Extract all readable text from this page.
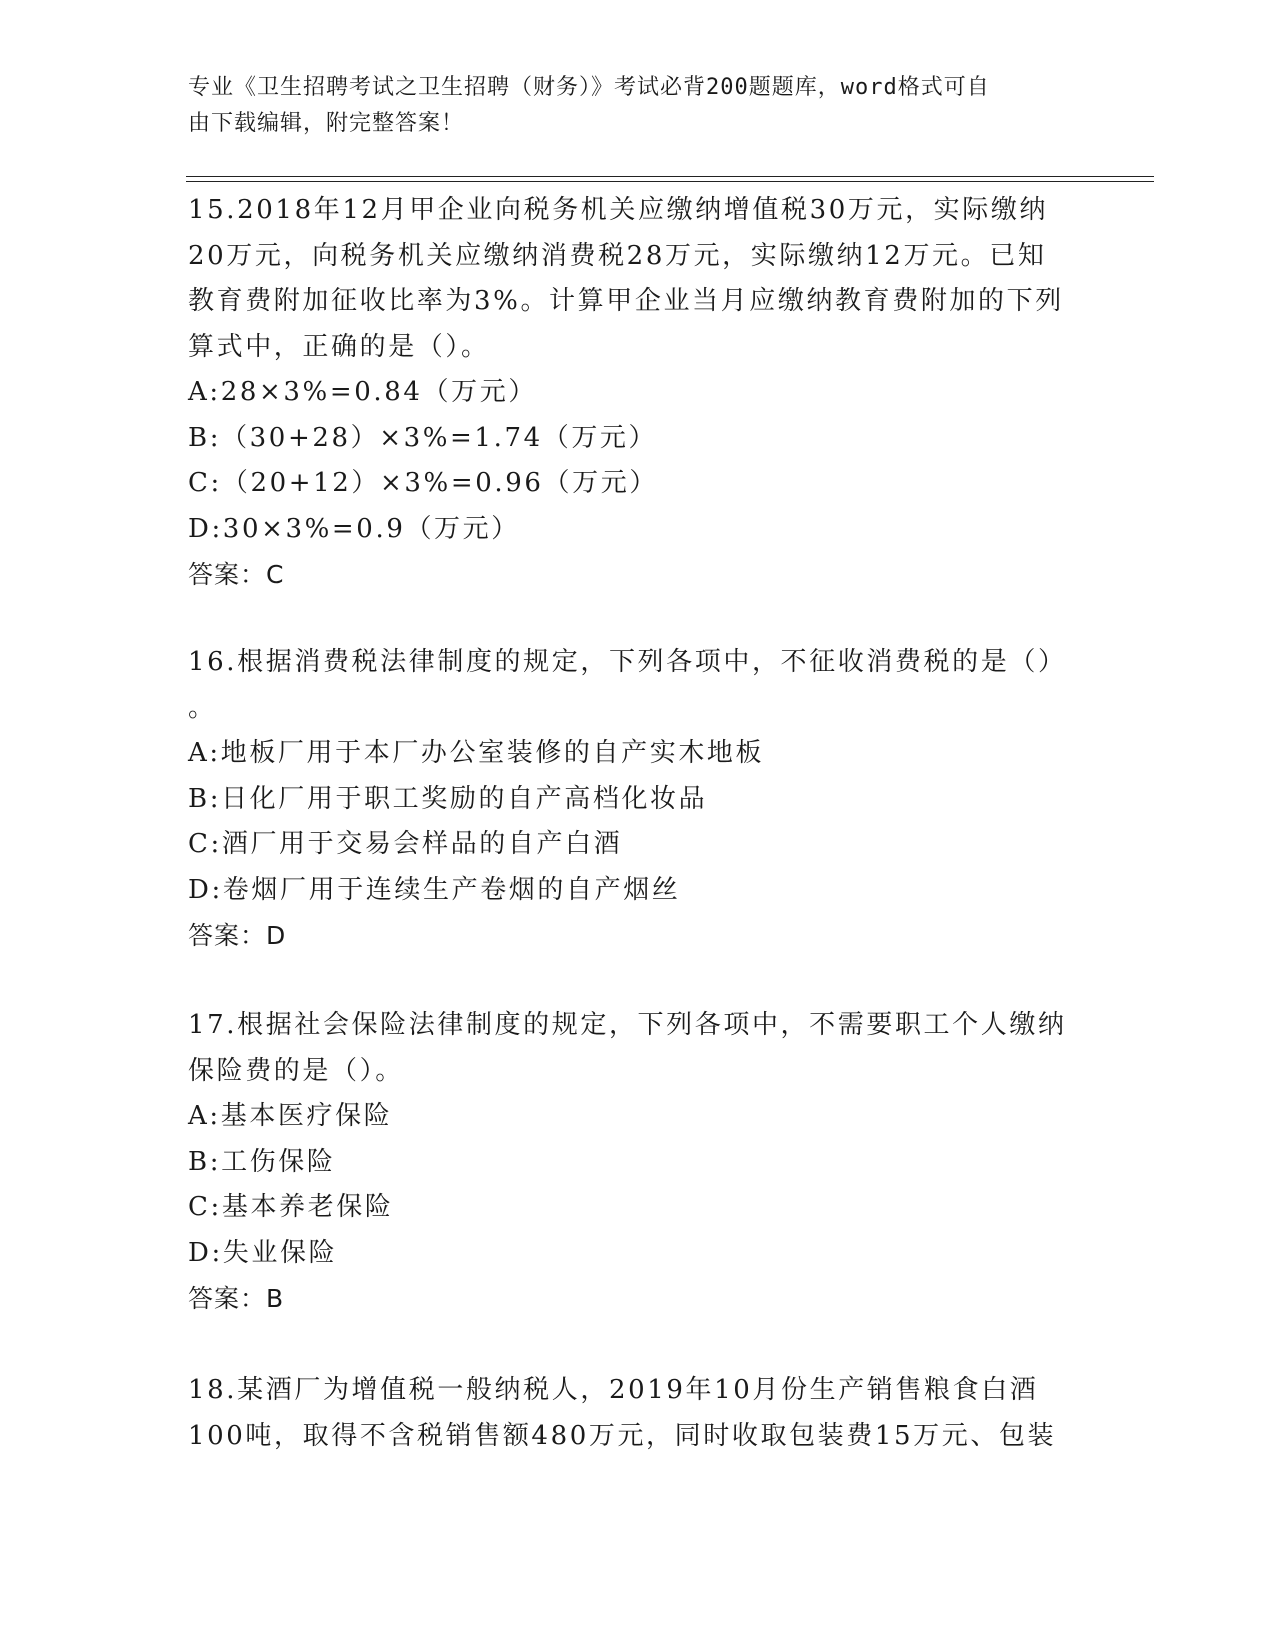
专业《卫生招聘考试之卫生招聘（财务）》考试必背200题题库，word格式可自
由下载编辑，附完整答案！
15.2018年12月甲企业向税务机关应缴纳增值税30万元，实际缴纳
20万元，向税务机关应缴纳消费税28万元，实际缴纳12万元。已知
教育费附加征收比率为3%。计算甲企业当月应缴纳教育费附加的下列
算式中，正确的是（）。
A:28×3%=0.84（万元）
B:（30+28）×3%=1.74（万元）
C:（20+12）×3%=0.96（万元）
D:30×3%=0.9（万元）
答案：C
16.根据消费税法律制度的规定，下列各项中，不征收消费税的是（）
。
A:地板厂用于本厂办公室装修的自产实木地板
B:日化厂用于职工奖励的自产高档化妆品
C:酒厂用于交易会样品的自产白酒
D:卷烟厂用于连续生产卷烟的自产烟丝
答案：D
17.根据社会保险法律制度的规定，下列各项中，不需要职工个人缴纳
保险费的是（）。
A:基本医疗保险
B:工伤保险
C:基本养老保险
D:失业保险
答案：B
18.某酒厂为增值税一般纳税人，2019年10月份生产销售粮食白酒
100吨，取得不含税销售额480万元，同时收取包装费15万元、包装
